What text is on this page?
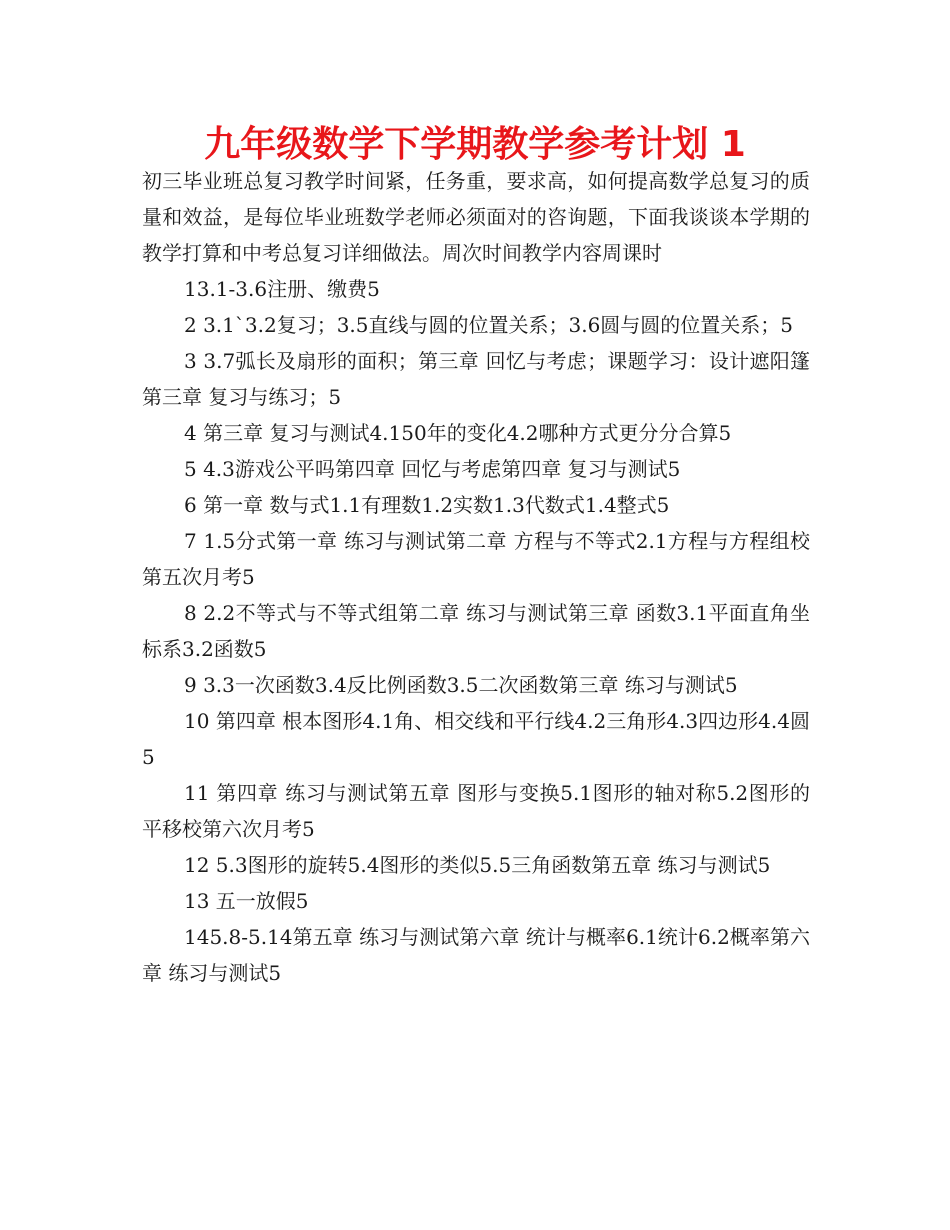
九年级数学下学期教学参考计划 1

初三毕业班总复习教学时间紧，任务重，要求高，如何提高数学总复习的质量和效益，是每位毕业班数学老师必须面对的咨询题，下面我谈谈本学期的教学打算和中考总复习详细做法。周次时间教学内容周课时

13.1-3.6注册、缴费5

2 3.1`3.2复习；3.5直线与圆的位置关系；3.6圆与圆的位置关系；5

3 3.7弧长及扇形的面积；第三章 回忆与考虑；课题学习：设计遮阳篷第三章 复习与练习；5

4 第三章 复习与测试4.150年的变化4.2哪种方式更分分合算5

5 4.3游戏公平吗第四章 回忆与考虑第四章 复习与测试5

6 第一章 数与式1.1有理数1.2实数1.3代数式1.4整式5

7 1.5分式第一章 练习与测试第二章 方程与不等式2.1方程与方程组校第五次月考5

8 2.2不等式与不等式组第二章 练习与测试第三章 函数3.1平面直角坐标系3.2函数5

9 3.3一次函数3.4反比例函数3.5二次函数第三章 练习与测试5

10 第四章 根本图形4.1角、相交线和平行线4.2三角形4.3四边形4.4圆5

11 第四章 练习与测试第五章 图形与变换5.1图形的轴对称5.2图形的平移校第六次月考5

12 5.3图形的旋转5.4图形的类似5.5三角函数第五章 练习与测试5

13 五一放假5

145.8-5.14第五章 练习与测试第六章 统计与概率6.1统计6.2概率第六章 练习与测试5
